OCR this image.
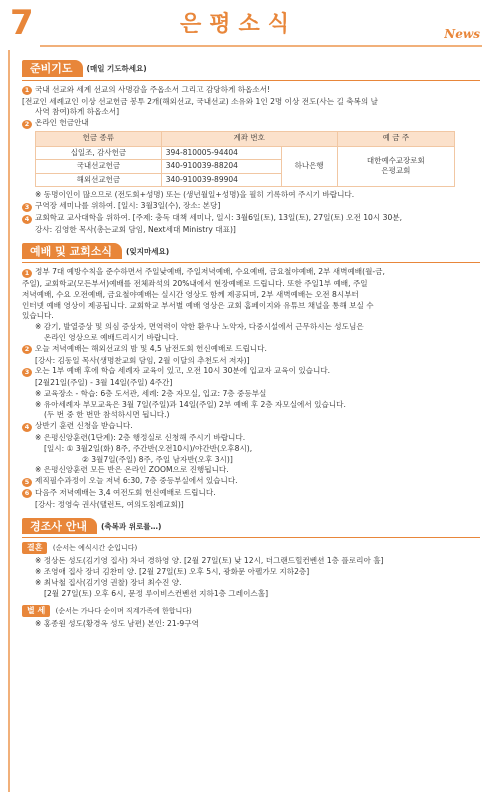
7	은평소식	News
준비기도	(매일 기도하세요)
1 국내 선교와 세계 선교의 사명감을 주옵소서 그리고 감당하게 하옵소서!
[전교인 세례교인 이상 선교헌금 봉투 2개(해외선교, 국내선교) 소유와 1인 2명 이상 전도(사는 길 축복의 날
사역 참여)하게 하옵소서]
2 온라인 헌금안내
헌금 종류	계좌 번호		예 금 주
십일조, 감사헌금	394-810005-94404	하나은행	대한예수교장로회
은평교회

국내선교헌금	340-910039-88204		
해외선교헌금	340-910039-89904		
※ 동명이인이 많으므로 (전도회+성명) 또는 (생년월일+성명)을 필히 기록하여 주시기 바랍니다.
3 구역장 세미나를 위하여. [일시: 3월3일(수), 장소: 본당]
4 교회학교 교사대학을 위하여. [주제: 충독 대책 세미나, 일시: 3월6일(토), 13일(토), 27일(토) 오전 10시 30분,
강사: 김영한 목사(총는교회 담임, Next세대 Ministry 대표)]
예배 및 교회소식	(잊지마세요)
1 정부 7대 예방수칙을 준수하면서 주일낮예배, 주일저녁예배, 수요예배, 금요철야예배, 2부 새벽예배(월-금,
주일), 교회학교(모든부서)예배를 전체좌석의 20%내에서 현장예배로 드립니다. 또한 주일1부 예배, 주일
저녁예배, 수요 오전예배, 금요철야예배는 실시간 영상도 함께 제공되며, 2부 새벽예배는 오전 8시부터
인터넷 예배 영상이 제공됩니다. 교회학교 부서별 예배 영상은 교회 홈페이지와 유튜브 채널을 통해 보실 수
있습니다.
※ 감기, 발열증상 및 의심 증상자, 면역력이 약한 환우나 노약자, 다중시설에서 근무하시는 성도님은
온라인 영상으로 예배드리시기 바랍니다.
2 오늘 저녁예배는 해외선교의 밤 및 4,5 남전도회 헌신예배로 드립니다.
[강사: 김동일 목사(생명찬교회 담임, 2월 이달의 추천도서 저자)]
3 오는 1부 예배 후에 학습 세례자 교육이 있고, 오전 10시 30분에 입교자 교육이 있습니다.
[2월21일(주일) - 3월 14일(주일) 4주간]
※ 교육장소 - 학습: 6층 도서관, 세례: 2층 자모실, 입교: 7층 중등부실
※ 유아세례자 부모교육은 3월 7일(주일)과 14일(주일) 2부 예배 후 2층 자모실에서 있습니다.
(두 번 중 한 번만 참석하시면 됩니다.)
4 상반기 훈련 신청을 받습니다.
※ 은평신앙훈련(1단계): 2층 행정실로 신청해 주시기 바랍니다.
[일시: ① 3월2일(화) 8주, 주간반(오전10시)/야간반(오후8시),
② 3월7일(주일) 8주, 주일 남자반(오후 3시)]
※ 은평신앙훈련 모든 반은 온라인 ZOOM으로 진행됩니다.
5 제직필수과정이 오늘 저녁 6:30, 7층 중등부실에서 있습니다.
6 다음주 저녁예배는 3,4 여전도회 헌신예배로 드립니다.
[강사: 정영숙 권사(탤런트, 여의도침례교회)]
경조사 안내	(축복과 위로를…)
결혼 (순서는 예식시간 순입니다)
※ 정상돈 성도(김기영 집사) 차녀 경하영 양. [2월 27일(토) 낮 12시, 더그랜드힐컨벤션 1층 플로리아 홀]
※ 조영애 집사 장녀 김찬미 양. [2월 27일(토) 오후 5시, 광화문 아펠가모 지하2층]
※ 최낙철 집사(김기영 권찰) 장녀 최수진 양.
[2월 27일(토) 오후 6시, 문정 루이비스컨벤션 지하1층 그레이스홀]
별 세 (순서는 가나다 순이며 직계가족에 한합니다)
※ 홍종원 성도(황경옥 성도 남편) 본인: 21-9구역
